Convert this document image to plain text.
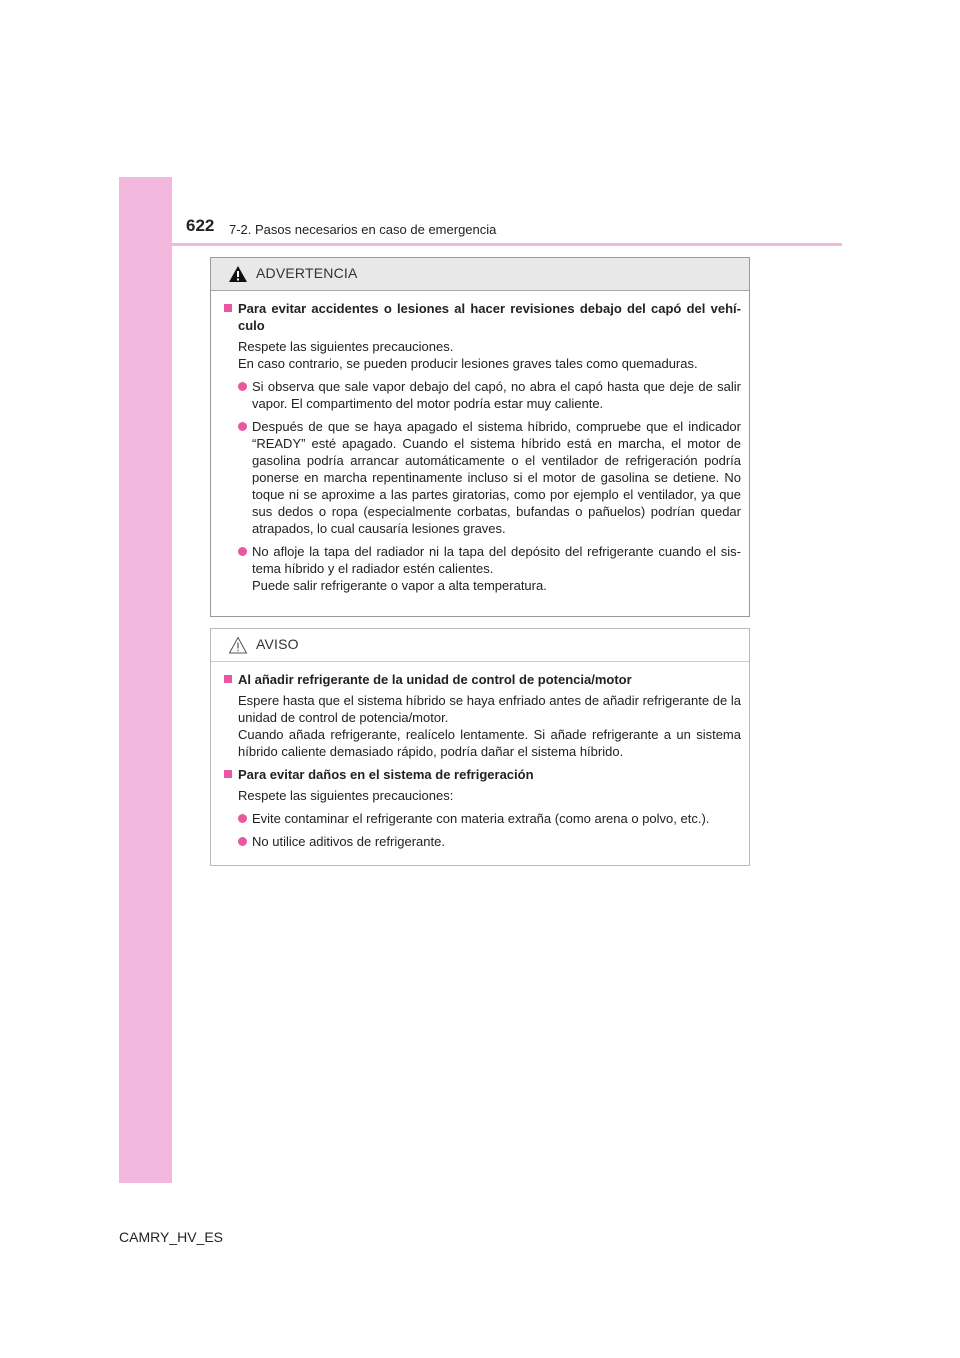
622 7-2. Pasos necesarios en caso de emergencia
ADVERTENCIA
Para evitar accidentes o lesiones al hacer revisiones debajo del capó del vehí-culo
Respete las siguientes precauciones.
En caso contrario, se pueden producir lesiones graves tales como quemaduras.
Si observa que sale vapor debajo del capó, no abra el capó hasta que deje de salir vapor. El compartimento del motor podría estar muy caliente.
Después de que se haya apagado el sistema híbrido, compruebe que el indicador “READY” esté apagado. Cuando el sistema híbrido está en marcha, el motor de gasolina podría arrancar automáticamente o el ventilador de refrigeración podría ponerse en marcha repentinamente incluso si el motor de gasolina se detiene. No toque ni se aproxime a las partes giratorias, como por ejemplo el ventilador, ya que sus dedos o ropa (especialmente corbatas, bufandas o pañuelos) podrían quedar atrapados, lo cual causaría lesiones graves.
No afloje la tapa del radiador ni la tapa del depósito del refrigerante cuando el sis-tema híbrido y el radiador estén calientes.
Puede salir refrigerante o vapor a alta temperatura.
AVISO
Al añadir refrigerante de la unidad de control de potencia/motor
Espere hasta que el sistema híbrido se haya enfriado antes de añadir refrigerante de la unidad de control de potencia/motor.
Cuando añada refrigerante, realícelo lentamente. Si añade refrigerante a un sistema híbrido caliente demasiado rápido, podría dañar el sistema híbrido.
Para evitar daños en el sistema de refrigeración
Respete las siguientes precauciones:
Evite contaminar el refrigerante con materia extraña (como arena o polvo, etc.).
No utilice aditivos de refrigerante.
CAMRY_HV_ES
